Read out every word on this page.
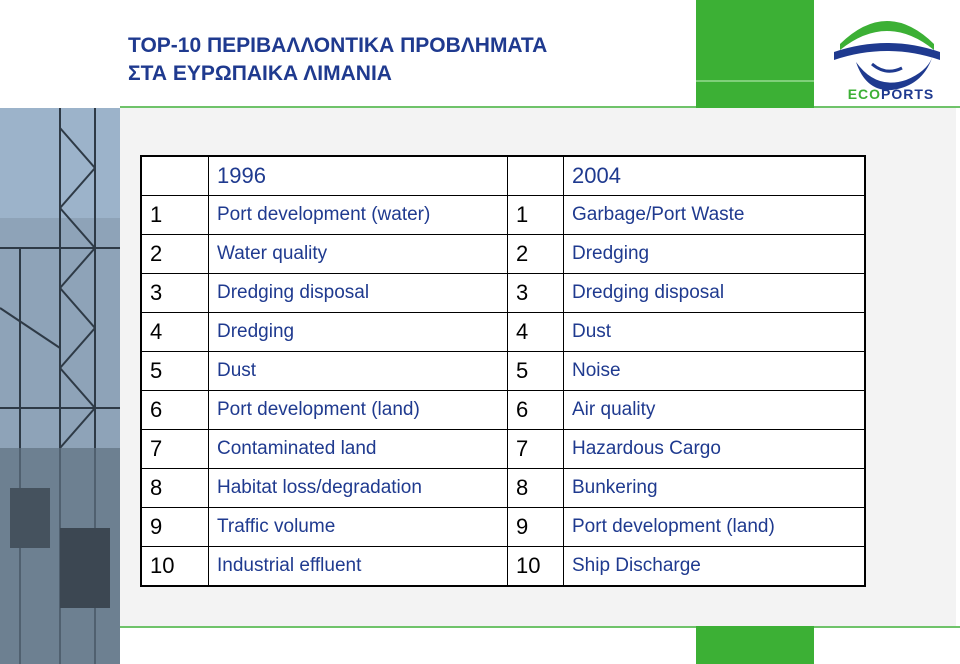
TOP-10 ΠΕΡΙΒΑΛΛΟΝΤΙΚΑ ΠΡΟΒΛΗΜΑΤΑ
ΣΤΑ ΕΥΡΩΠΑΙΚΑ ΛΙΜΑΝΙΑ
ECOPORTS
	1996		2004
1	Port development (water)	1	Garbage/Port Waste
2	Water quality	2	Dredging
3	Dredging disposal	3	Dredging disposal
4	Dredging	4	Dust
5	Dust	5	Noise
6	Port development (land)	6	Air quality
7	Contaminated land	7	Hazardous Cargo
8	Habitat loss/degradation	8	Bunkering
9	Traffic volume	9	Port development (land)
10	Industrial effluent	10	Ship Discharge
